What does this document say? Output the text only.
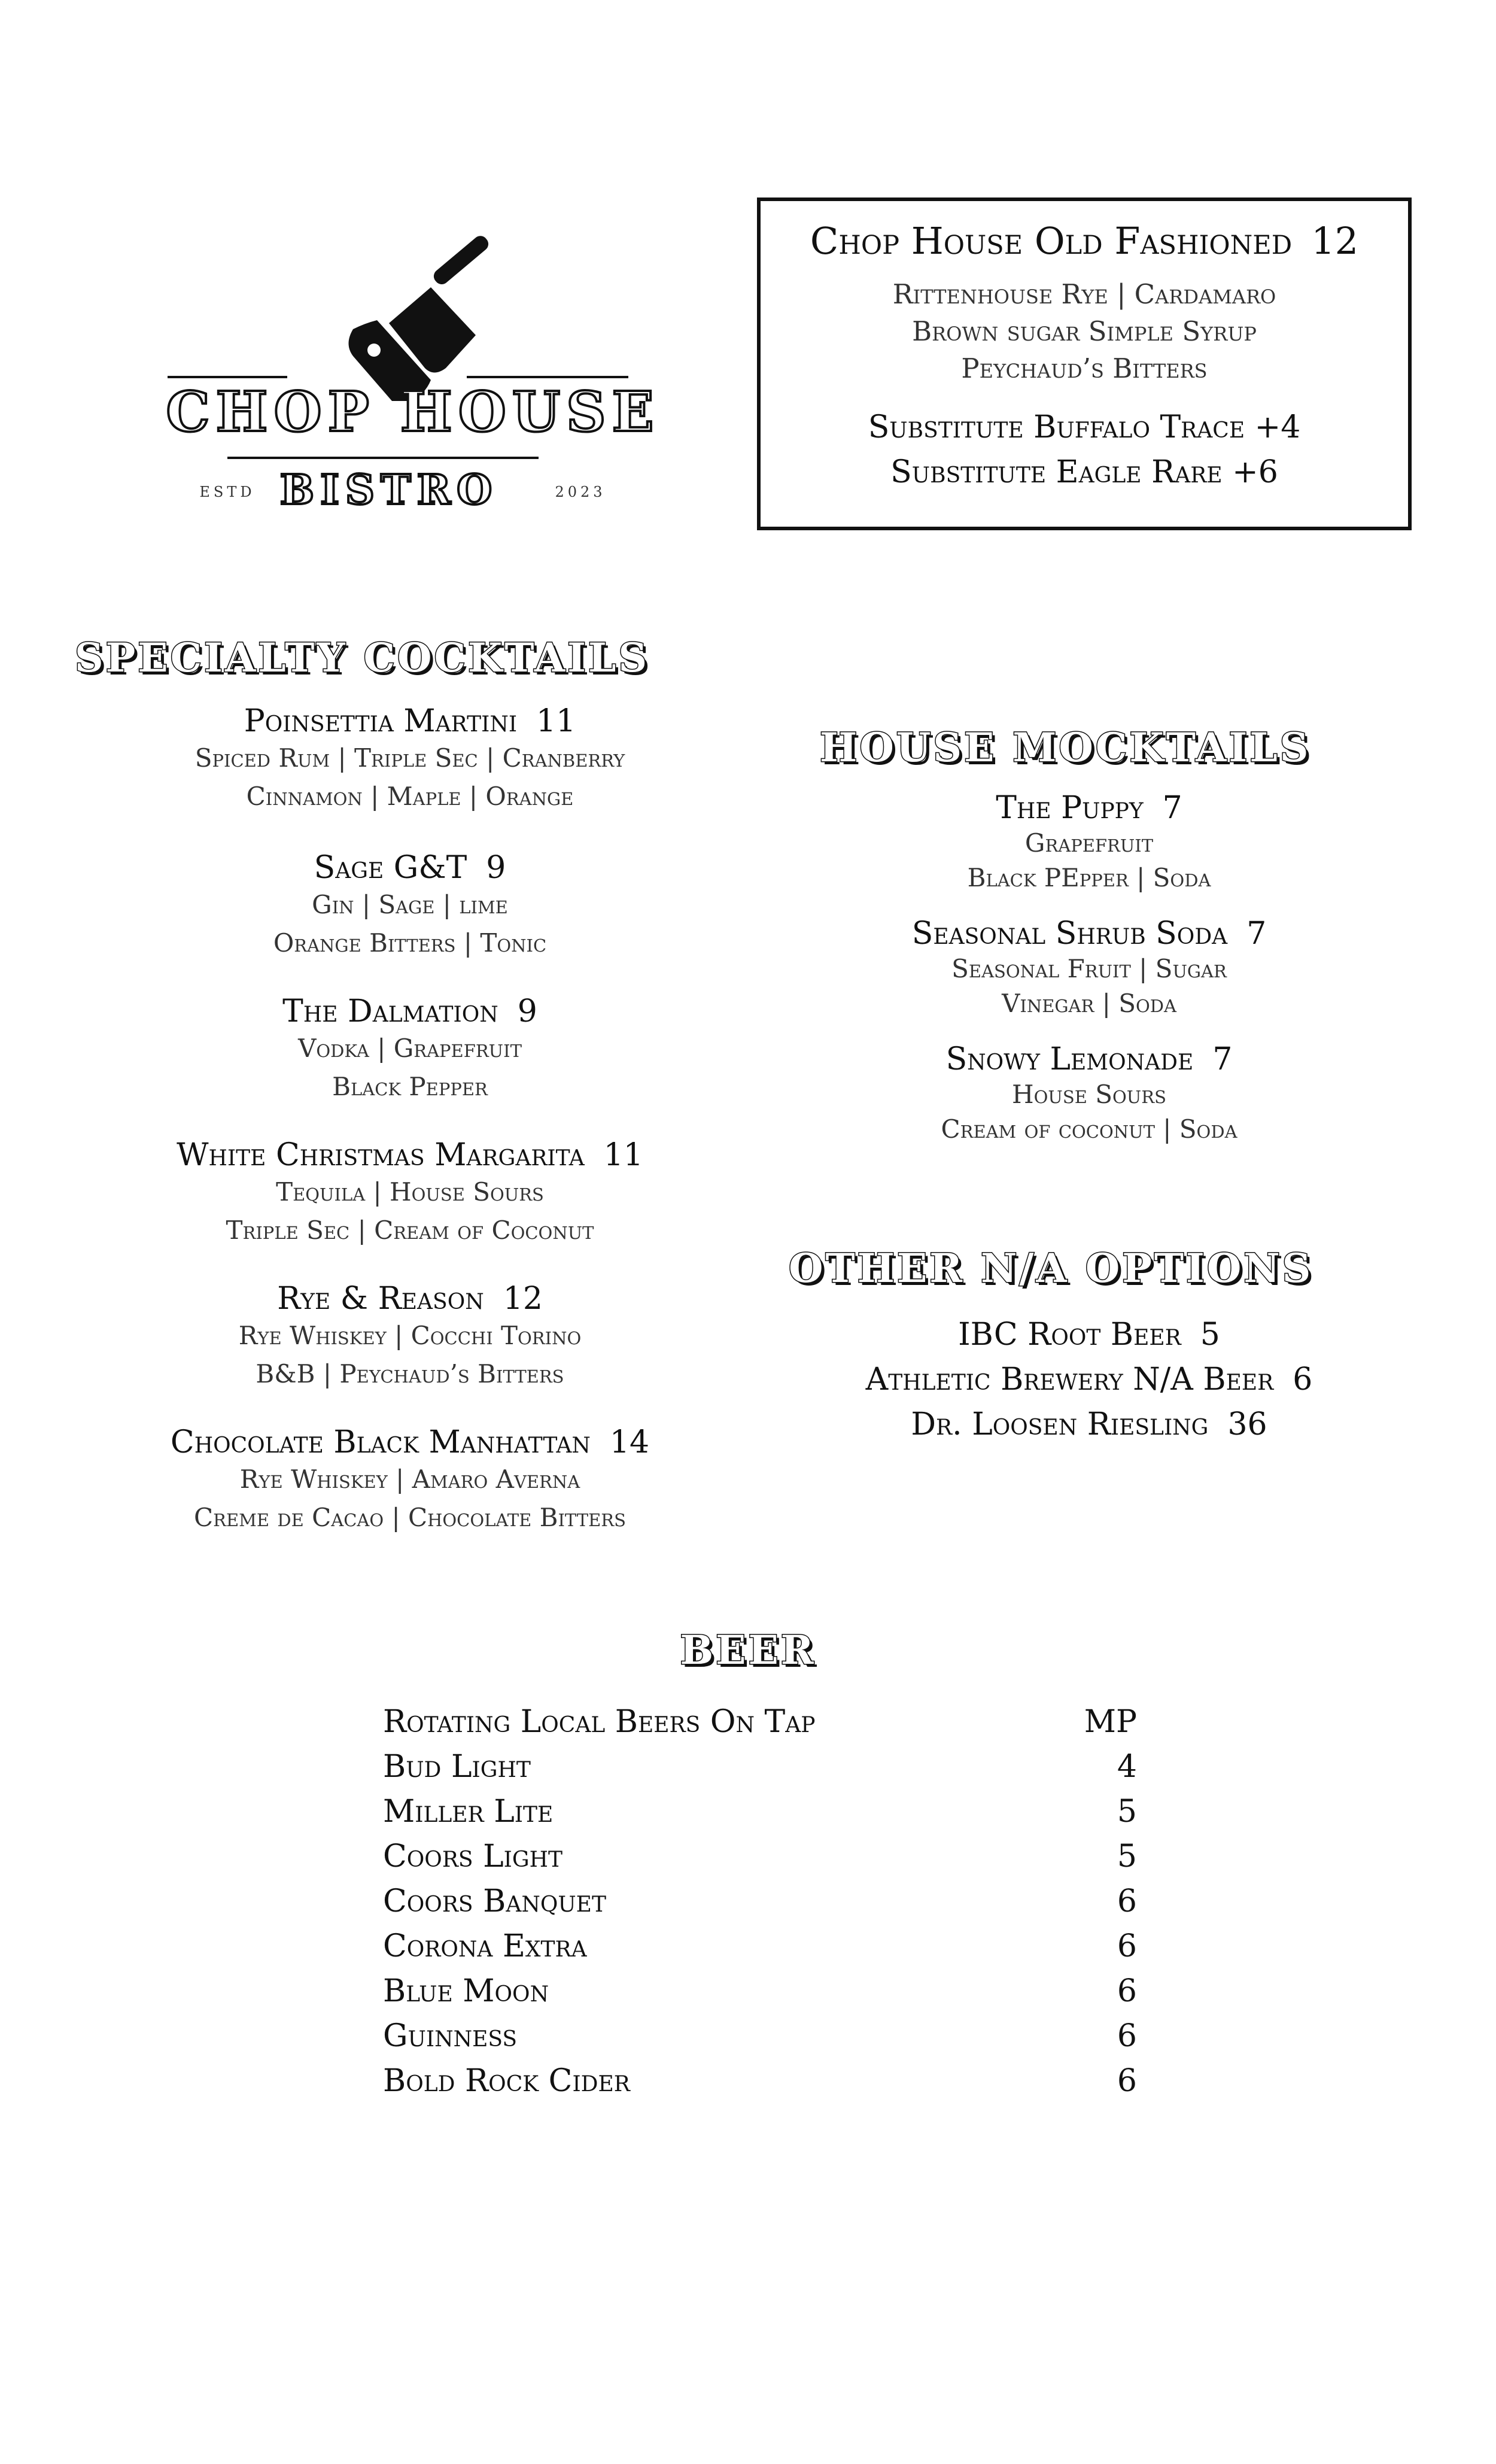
CHOP HOUSE
ESTD BISTRO	2023
Chop House Old Fashioned 12
Rittenhouse Rye | Cardamaro
Brown sugar Simple Syrup
Peychaud’s Bitters
Substitute Buffalo Trace +4
Substitute Eagle Rare +6
SPECIALTY COCKTAILS
Poinsettia Martini 11
Spiced Rum | Triple Sec | Cranberry
Cinnamon | Maple | Orange
Sage G&T 9
Gin | Sage | lime
Orange Bitters | Tonic
The Dalmation 9
Vodka | Grapefruit
Black Pepper
White Christmas Margarita 11
Tequila | House Sours
Triple Sec | Cream of Coconut
Rye & Reason 12
Rye Whiskey | Cocchi Torino
B&B | Peychaud’s Bitters
Chocolate Black Manhattan 14
Rye Whiskey | Amaro Averna
Creme de Cacao | Chocolate Bitters
HOUSE MOCKTAILS
The Puppy 7
Grapefruit
Black PEpper | Soda
Seasonal Shrub Soda 7
Seasonal Fruit | Sugar
Vinegar | Soda
Snowy Lemonade 7
House Sours
Cream of coconut | Soda
OTHER N/A OPTIONS
IBC Root Beer 5
Athletic Brewery N/A Beer 6
Dr. Loosen Riesling 36
BEER
Rotating Local Beers On Tap	MP
Bud Light	4
Miller Lite	5
Coors Light	5
Coors Banquet	6
Corona Extra	6
Blue Moon	6
Guinness	6
Bold Rock Cider	6
